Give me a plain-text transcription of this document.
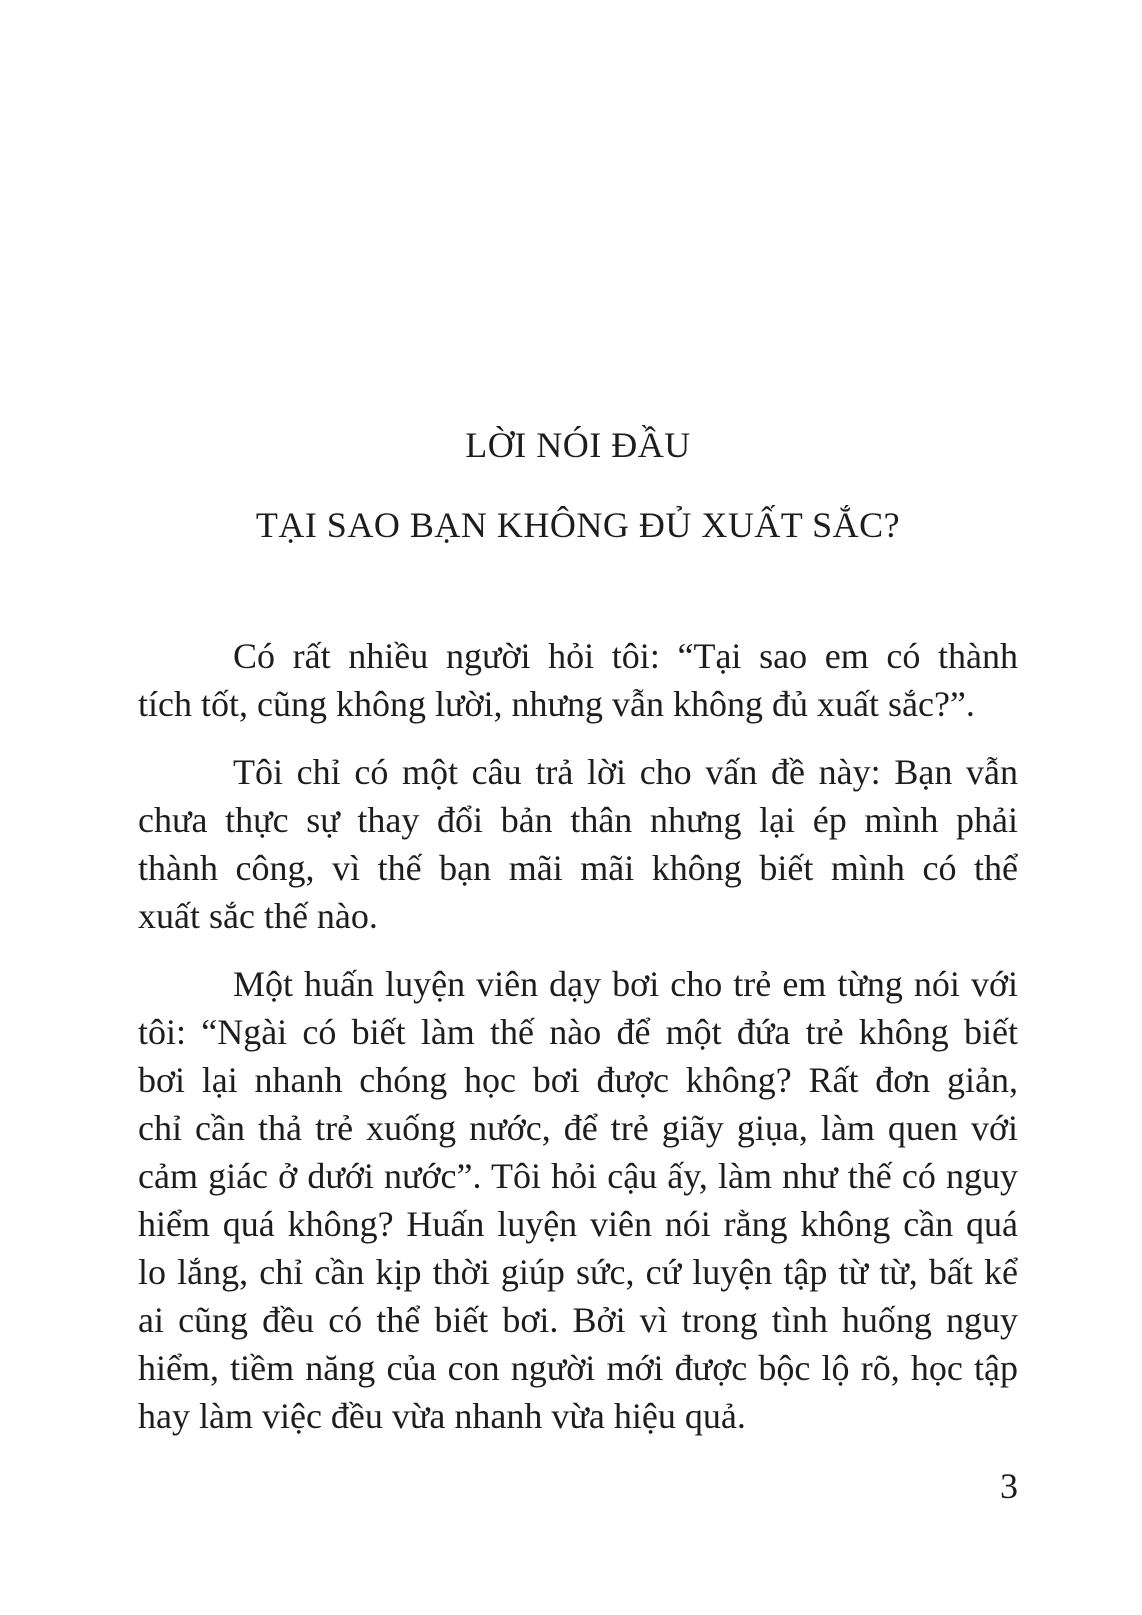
LỜI NÓI ĐẦU
TẠI SAO BẠN KHÔNG ĐỦ XUẤT SẮC?

Có rất nhiều người hỏi tôi: “Tại sao em có thành
tích tốt, cũng không lười, nhưng vẫn không đủ xuất sắc?”.

Tôi chỉ có một câu trả lời cho vấn đề này: Bạn vẫn
chưa thực sự thay đổi bản thân nhưng lại ép mình phải
thành công, vì thế bạn mãi mãi không biết mình có thể
xuất sắc thế nào.

Một huấn luyện viên dạy bơi cho trẻ em từng nói với
tôi: “Ngài có biết làm thế nào để một đứa trẻ không biết
bơi lại nhanh chóng học bơi được không? Rất đơn giản,
chỉ cần thả trẻ xuống nước, để trẻ giãy giụa, làm quen với
cảm giác ở dưới nước”. Tôi hỏi cậu ấy, làm như thế có nguy
hiểm quá không? Huấn luyện viên nói rằng không cần quá
lo lắng, chỉ cần kịp thời giúp sức, cứ luyện tập từ từ, bất kể
ai cũng đều có thể biết bơi. Bởi vì trong tình huống nguy
hiểm, tiềm năng của con người mới được bộc lộ rõ, học tập
hay làm việc đều vừa nhanh vừa hiệu quả.

3
